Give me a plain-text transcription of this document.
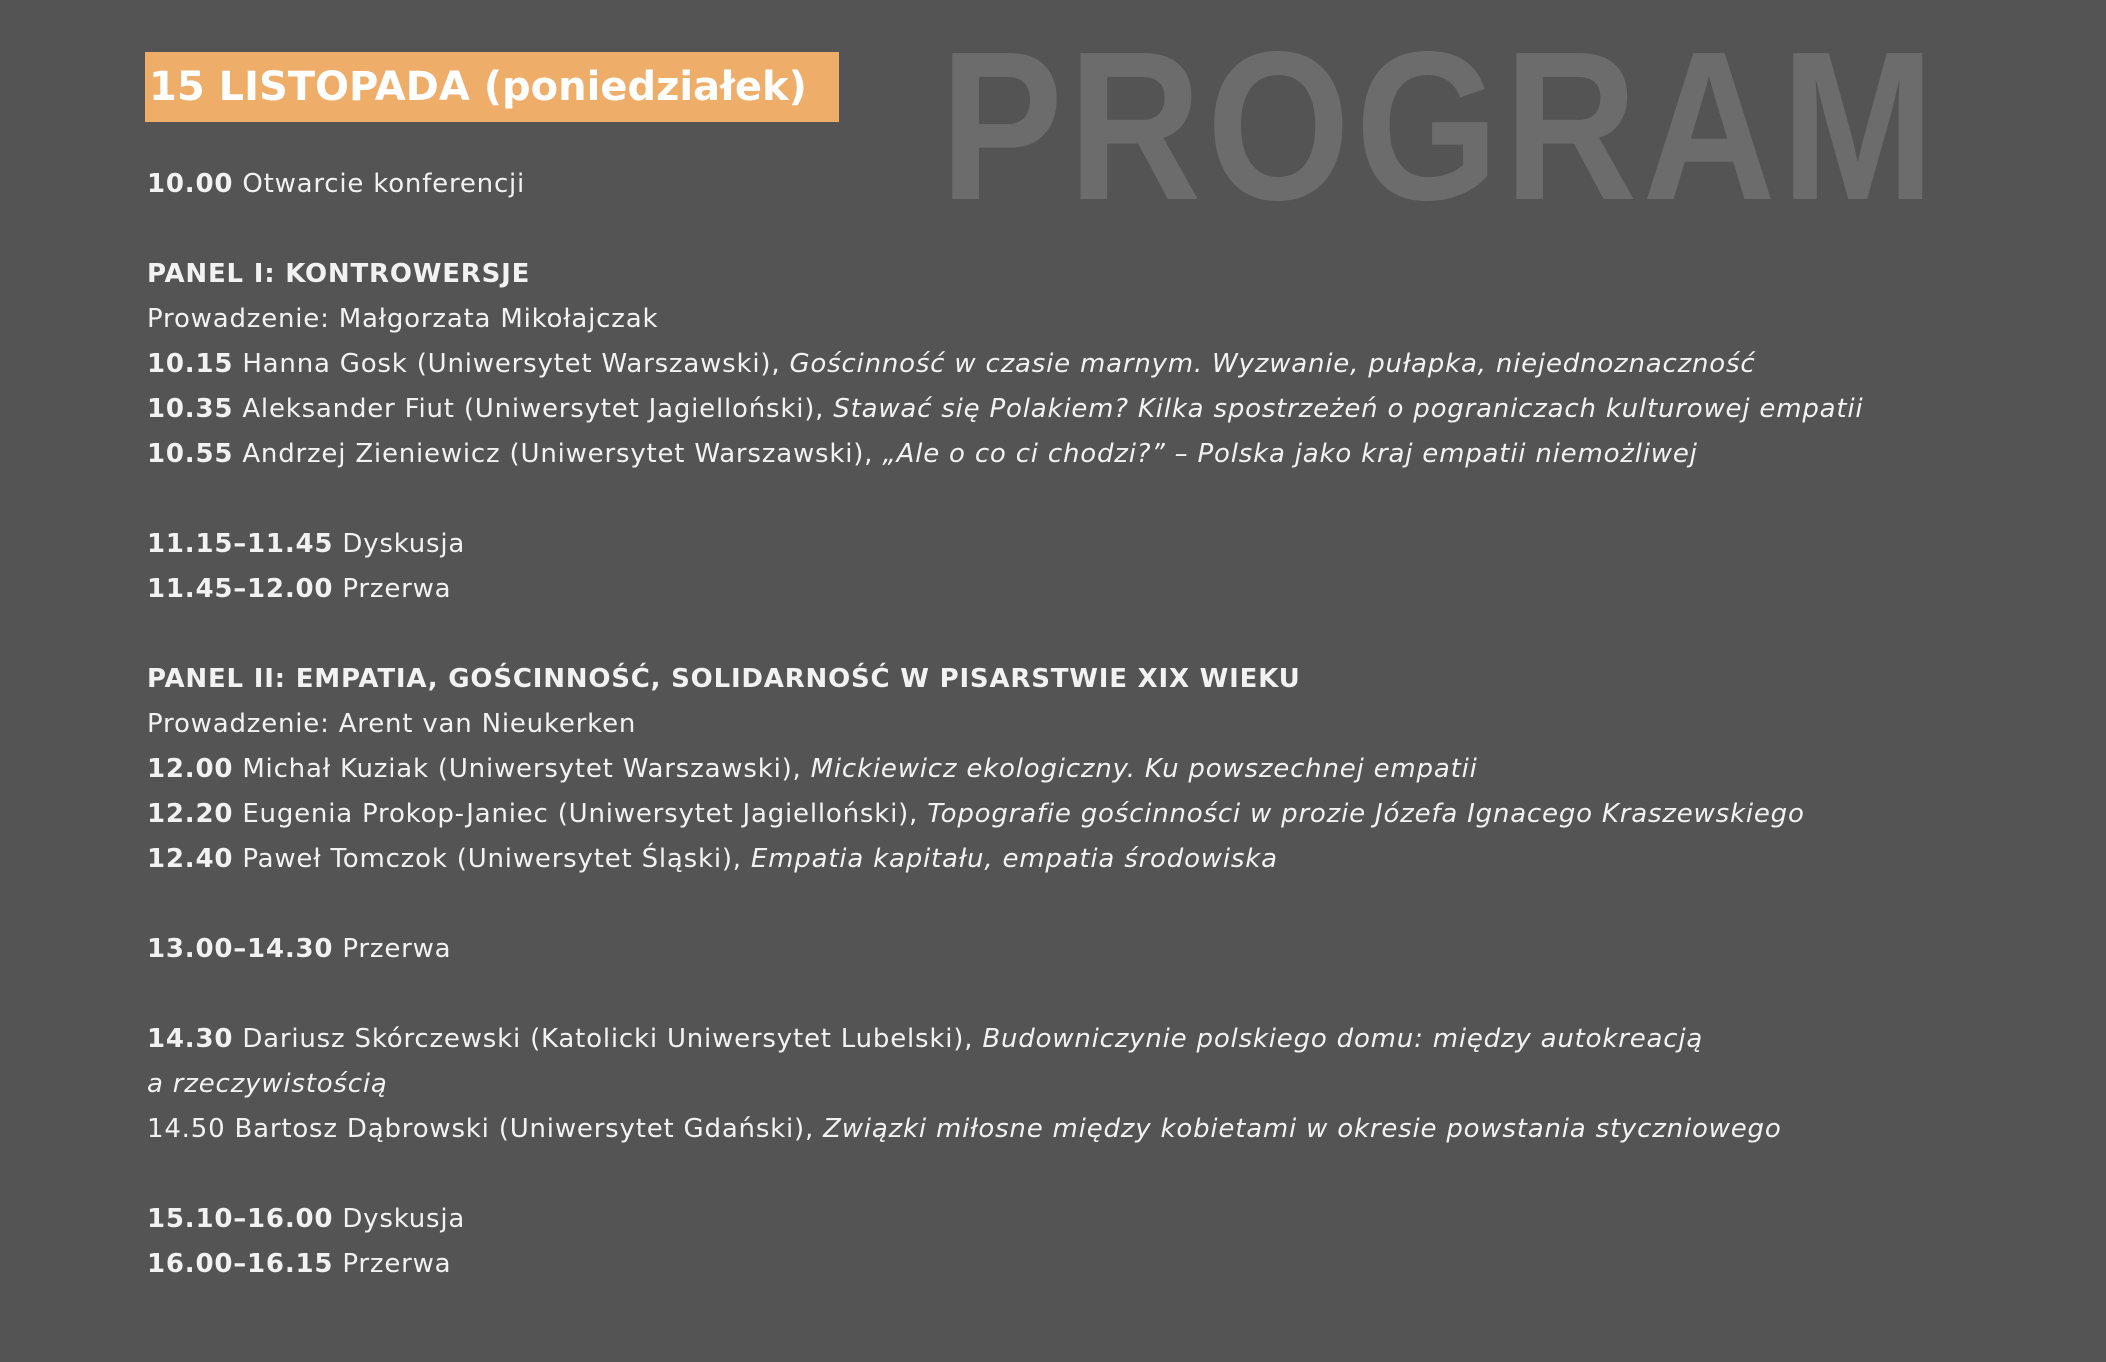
PROGRAM
15 LISTOPADA (poniedziałek)
10.00 Otwarcie konferencji
PANEL I: KONTROWERSJE
Prowadzenie: Małgorzata Mikołajczak
10.15 Hanna Gosk (Uniwersytet Warszawski), Gościnność w czasie marnym. Wyzwanie, pułapka, niejednoznaczność
10.35 Aleksander Fiut (Uniwersytet Jagielloński), Stawać się Polakiem? Kilka spostrzeżeń o pograniczach kulturowej empatii
10.55 Andrzej Zieniewicz (Uniwersytet Warszawski), „Ale o co ci chodzi?” – Polska jako kraj empatii niemożliwej
11.15–11.45 Dyskusja
11.45–12.00 Przerwa
PANEL II: EMPATIA, GOŚCINNOŚĆ, SOLIDARNOŚĆ W PISARSTWIE XIX WIEKU
Prowadzenie: Arent van Nieukerken
12.00 Michał Kuziak (Uniwersytet Warszawski), Mickiewicz ekologiczny. Ku powszechnej empatii
12.20 Eugenia Prokop-Janiec (Uniwersytet Jagielloński), Topografie gościnności w prozie Józefa Ignacego Kraszewskiego
12.40 Paweł Tomczok (Uniwersytet Śląski), Empatia kapitału, empatia środowiska
13.00–14.30 Przerwa
14.30 Dariusz Skórczewski (Katolicki Uniwersytet Lubelski), Budowniczynie polskiego domu: między autokreacją
a rzeczywistością
14.50 Bartosz Dąbrowski (Uniwersytet Gdański), Związki miłosne między kobietami w okresie powstania styczniowego
15.10–16.00 Dyskusja
16.00–16.15 Przerwa
